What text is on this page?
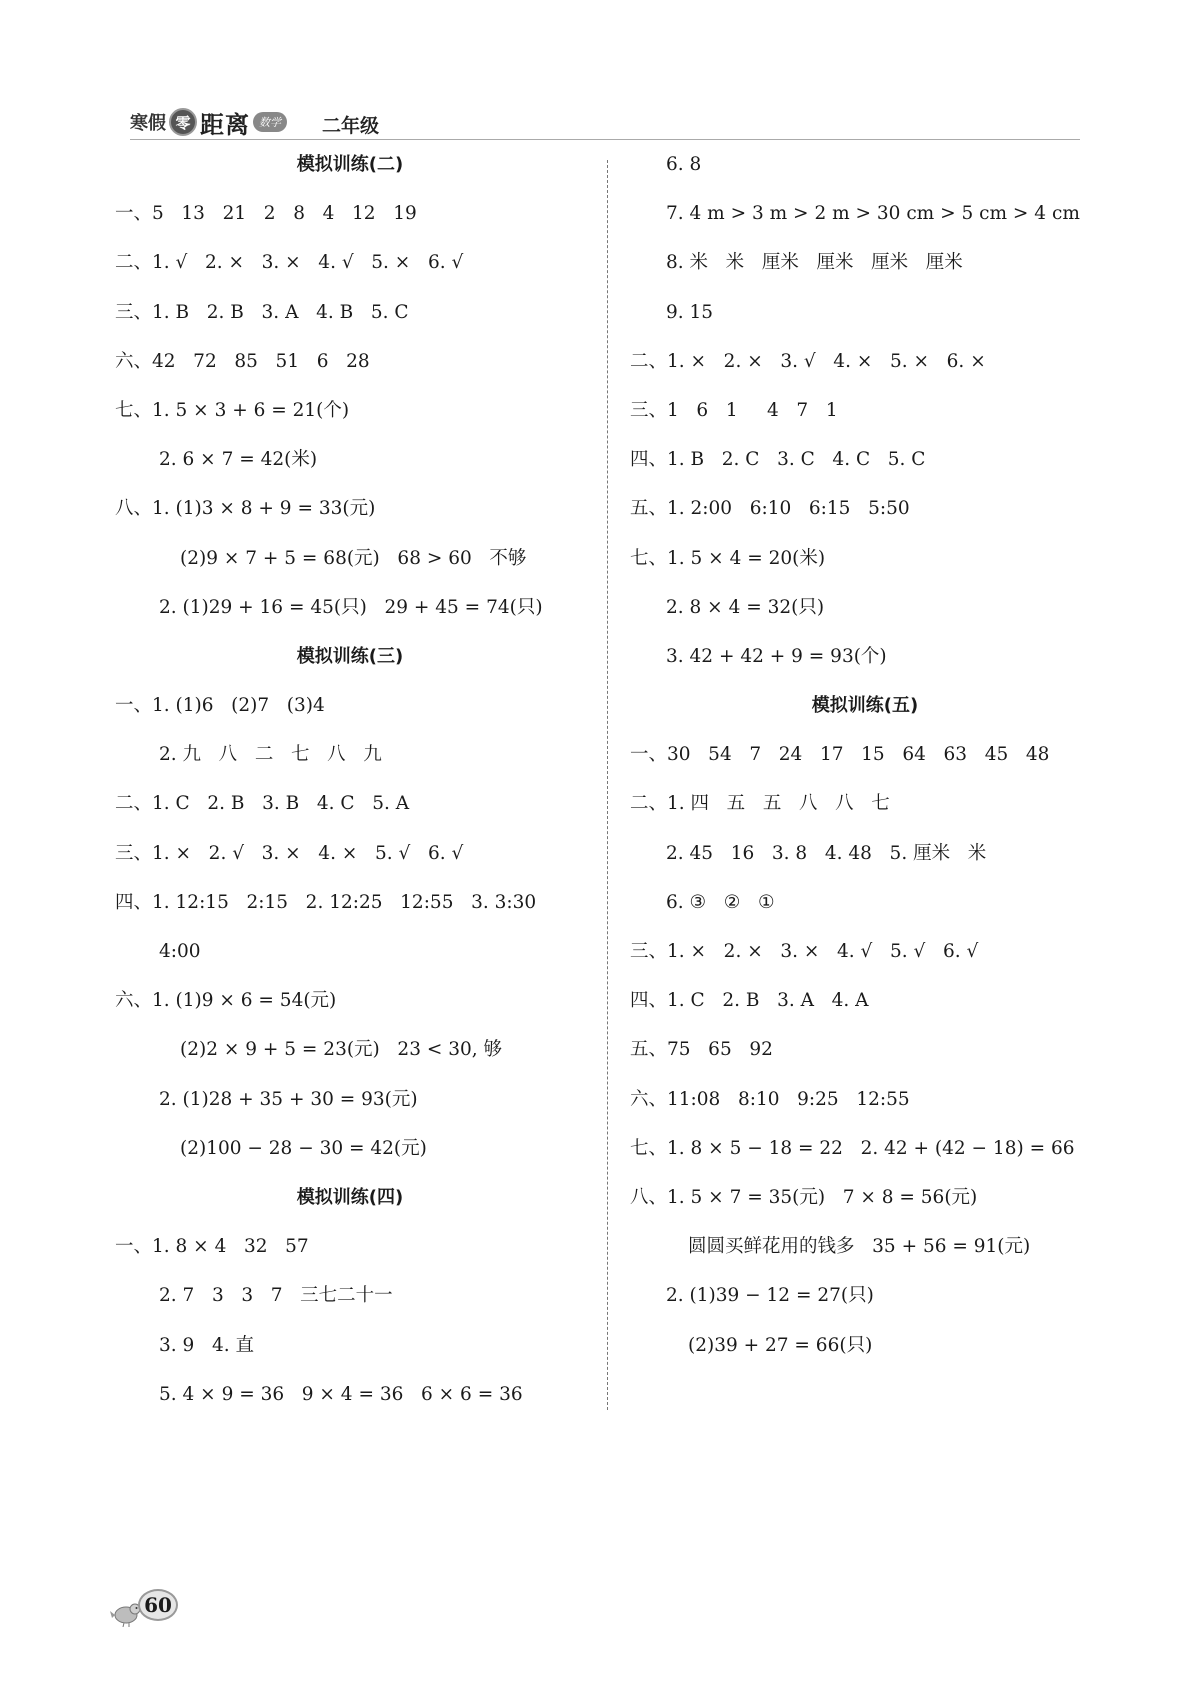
寒假 零 距离 数学	二年级
模拟训练(二)
一、5   13   21   2   8   4   12   19
二、1. √   2. ×   3. ×   4. √   5. ×   6. √
三、1. B   2. B   3. A   4. B   5. C
六、42   72   85   51   6   28
七、1. 5 × 3 + 6 = 21(个)
2. 6 × 7 = 42(米)
八、1. (1)3 × 8 + 9 = 33(元)
(2)9 × 7 + 5 = 68(元)   68 > 60   不够
2. (1)29 + 16 = 45(只)   29 + 45 = 74(只)
模拟训练(三)
一、1. (1)6   (2)7   (3)4
2. 九   八   二   七   八   九
二、1. C   2. B   3. B   4. C   5. A
三、1. ×   2. √   3. ×   4. ×   5. √   6. √
四、1. 12:15   2:15   2. 12:25   12:55   3. 3:30
4:00
六、1. (1)9 × 6 = 54(元)
(2)2 × 9 + 5 = 23(元)   23 < 30, 够
2. (1)28 + 35 + 30 = 93(元)
(2)100 − 28 − 30 = 42(元)
模拟训练(四)
一、1. 8 × 4   32   57
2. 7   3   3   7   三七二十一
3. 9   4. 直
5. 4 × 9 = 36   9 × 4 = 36   6 × 6 = 36
6. 8
7. 4 m > 3 m > 2 m > 30 cm > 5 cm > 4 cm
8. 米   米   厘米   厘米   厘米   厘米
9. 15
二、1. ×   2. ×   3. √   4. ×   5. ×   6. ×
三、1   6   1     4   7   1
四、1. B   2. C   3. C   4. C   5. C
五、1. 2:00   6:10   6:15   5:50
七、1. 5 × 4 = 20(米)
2. 8 × 4 = 32(只)
3. 42 + 42 + 9 = 93(个)
模拟训练(五)
一、30   54   7   24   17   15   64   63   45   48
二、1. 四   五   五   八   八   七
2. 45   16   3. 8   4. 48   5. 厘米   米
6. ③   ②   ①
三、1. ×   2. ×   3. ×   4. √   5. √   6. √
四、1. C   2. B   3. A   4. A
五、75   65   92
六、11:08   8:10   9:25   12:55
七、1. 8 × 5 − 18 = 22   2. 42 + (42 − 18) = 66
八、1. 5 × 7 = 35(元)   7 × 8 = 56(元)
圆圆买鲜花用的钱多   35 + 56 = 91(元)
2. (1)39 − 12 = 27(只)
(2)39 + 27 = 66(只)
60
